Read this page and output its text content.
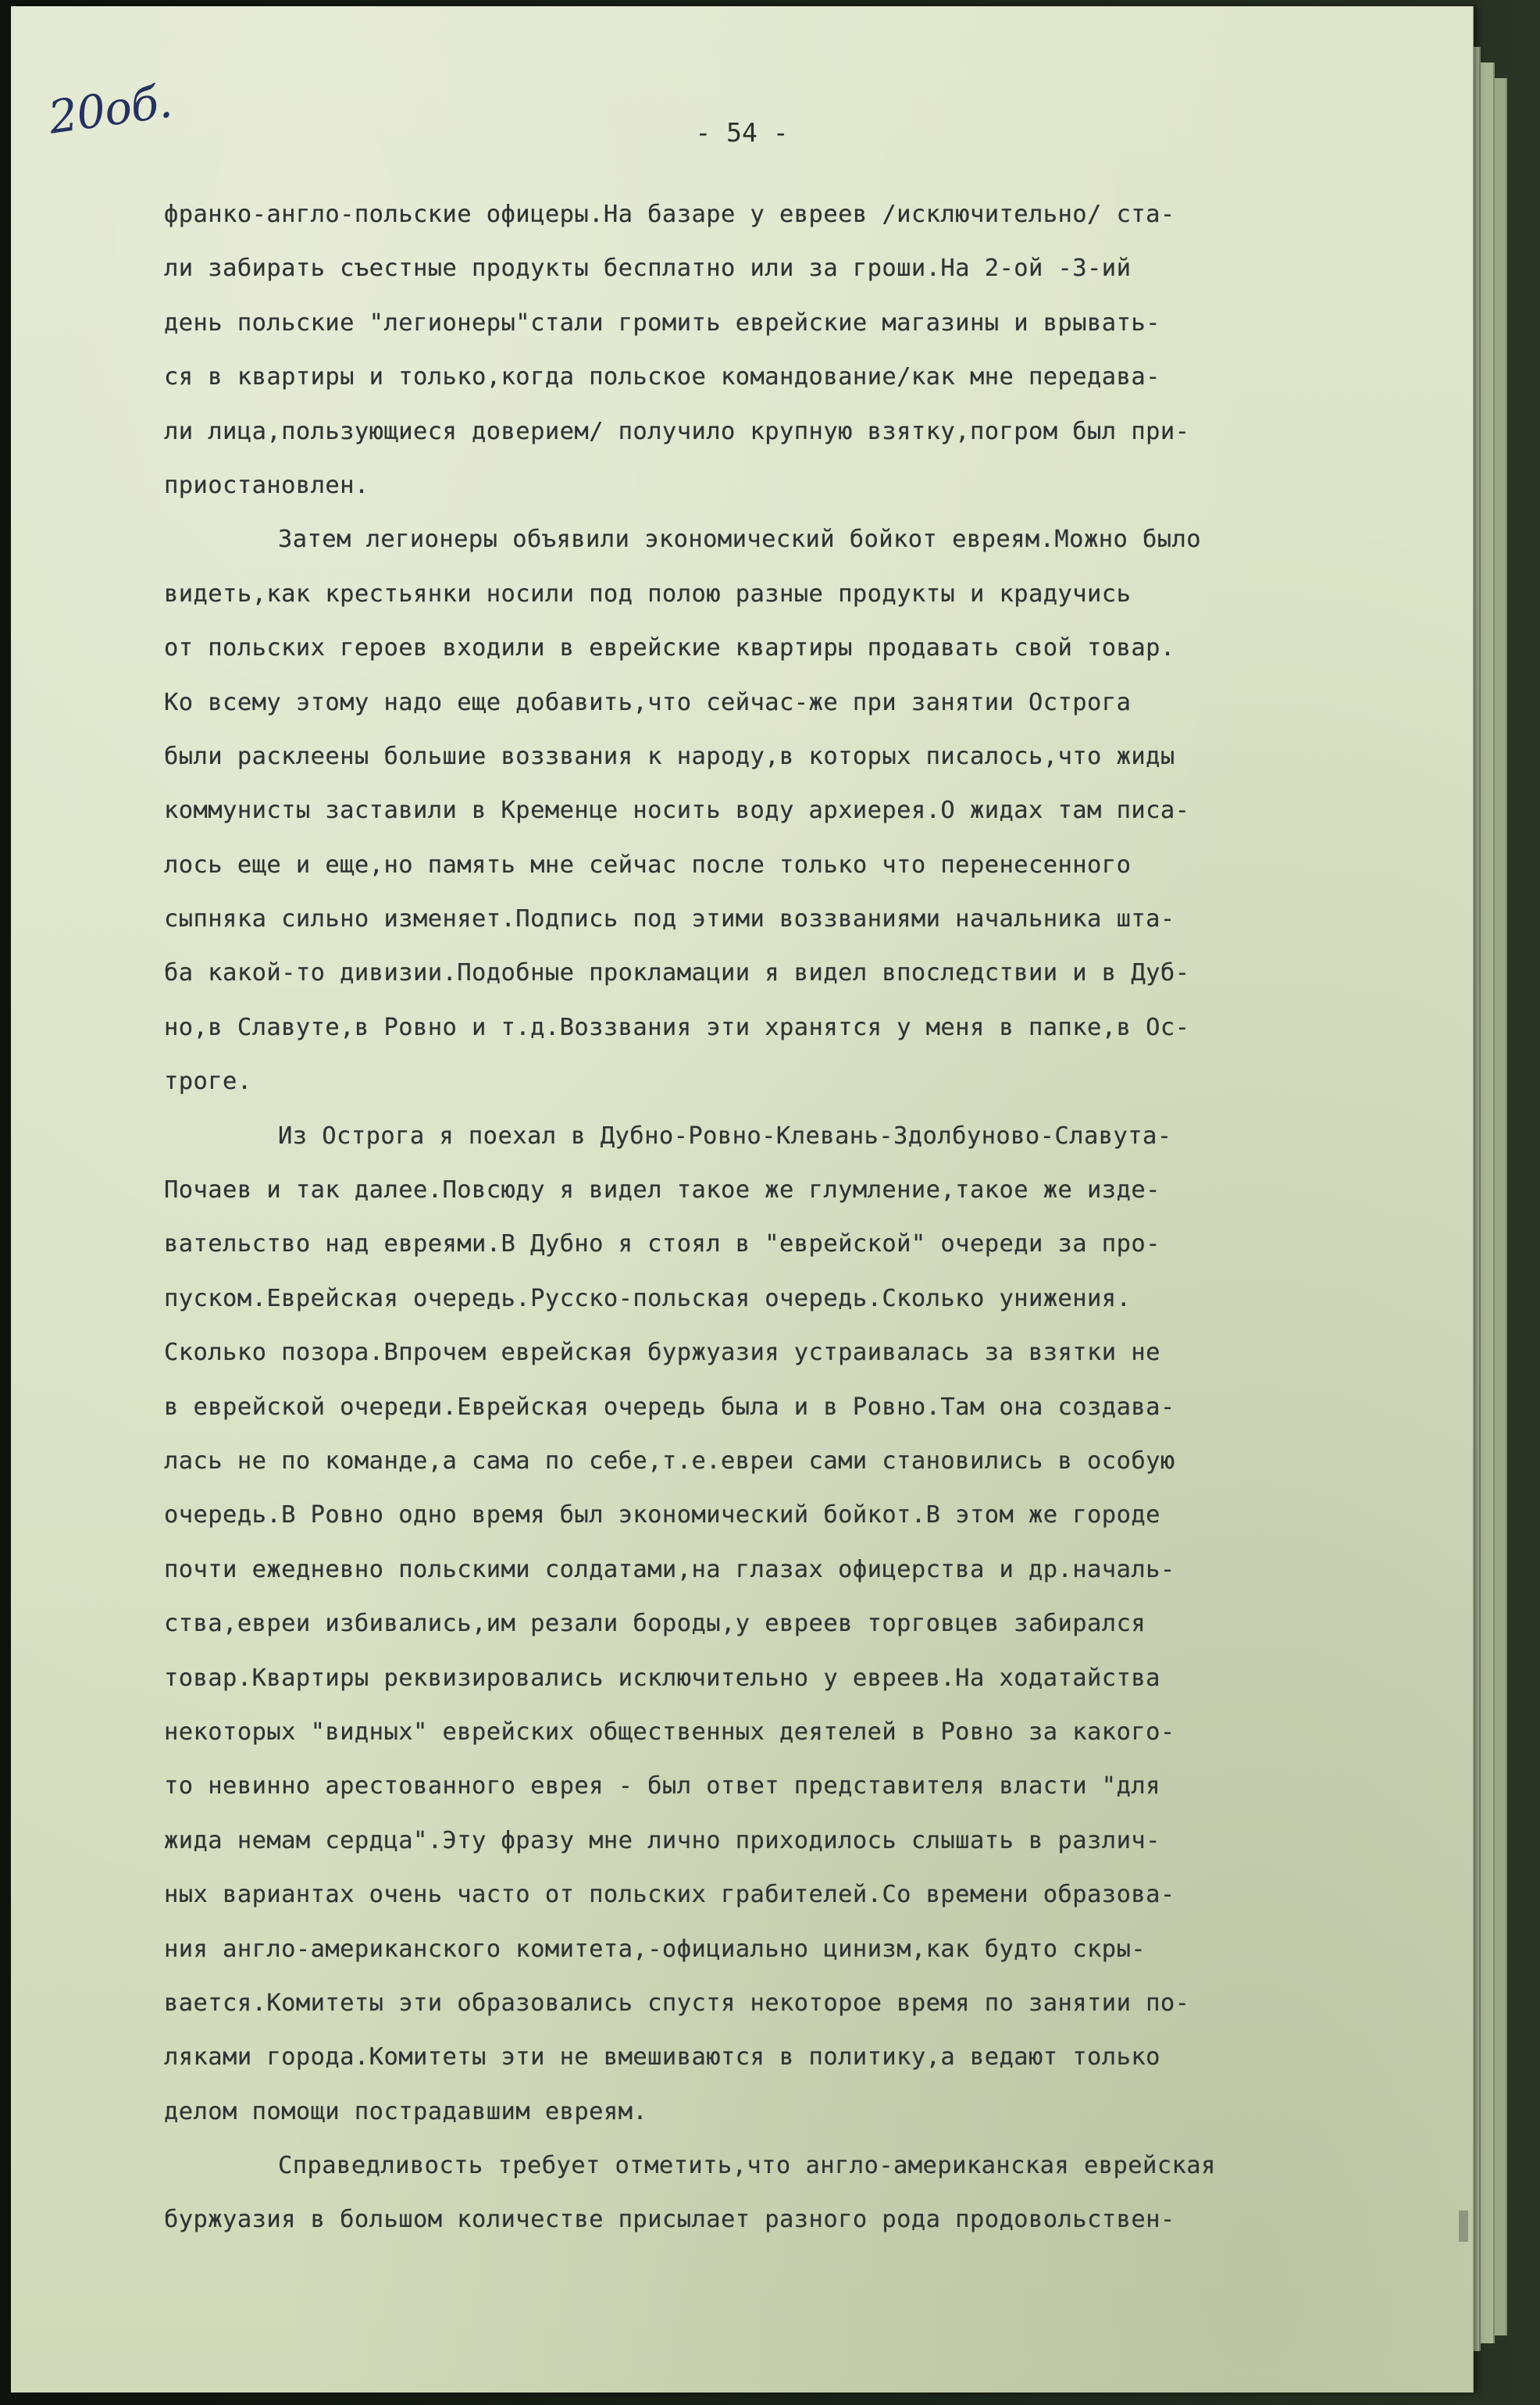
20об.	- 54 -
франко-англо-польские офицеры.На базаре у евреев /исключительно/ ста-
ли забирать съестные продукты бесплатно или за гроши.На 2-ой -3-ий
день польские "легионеры"стали громить еврейские магазины и врывать-
ся в квартиры и только,когда польское командование/как мне передава-
ли лица,пользующиеся доверием/ получило крупную взятку,погром был при-
приостановлен.
Затем легионеры объявили экономический бойкот евреям.Можно было
видеть,как крестьянки носили под полою разные продукты и крадучись
от польских героев входили в еврейские квартиры продавать свой товар.
Ко всему этому надо еще добавить,что сейчас-же при занятии Острога
были расклеены большие воззвания к народу,в которых писалось,что жиды
коммунисты заставили в Кременце носить воду архиерея.О жидах там писа-
лось еще и еще,но память мне сейчас после только что перенесенного
сыпняка сильно изменяет.Подпись под этими воззваниями начальника шта-
ба какой-то дивизии.Подобные прокламации я видел впоследствии и в Дуб-
но,в Славуте,в Ровно и т.д.Воззвания эти хранятся у меня в папке,в Ос-
троге.
Из Острога я поехал в Дубно-Ровно-Клевань-Здолбуново-Славута-
Почаев и так далее.Повсюду я видел такое же глумление,такое же изде-
вательство над евреями.В Дубно я стоял в "еврейской" очереди за про-
пуском.Еврейская очередь.Русско-польская очередь.Сколько унижения.
Сколько позора.Впрочем еврейская буржуазия устраивалась за взятки не
в еврейской очереди.Еврейская очередь была и в Ровно.Там она создава-
лась не по команде,а сама по себе,т.е.евреи сами становились в особую
очередь.В Ровно одно время был экономический бойкот.В этом же городе
почти ежедневно польскими солдатами,на глазах офицерства и др.началь-
ства,евреи избивались,им резали бороды,у евреев торговцев забирался
товар.Квартиры реквизировались исключительно у евреев.На ходатайства
некоторых "видных" еврейских общественных деятелей в Ровно за какого-
то невинно арестованного еврея - был ответ представителя власти "для
жида немам сердца".Эту фразу мне лично приходилось слышать в различ-
ных вариантах очень часто от польских грабителей.Со времени образова-
ния англо-американского комитета,-официально цинизм,как будто скры-
вается.Комитеты эти образовались спустя некоторое время по занятии по-
ляками города.Комитеты эти не вмешиваются в политику,а ведают только
делом помощи пострадавшим евреям.
Справедливость требует отметить,что англо-американская еврейская
буржуазия в большом количестве присылает разного рода продовольствен-
